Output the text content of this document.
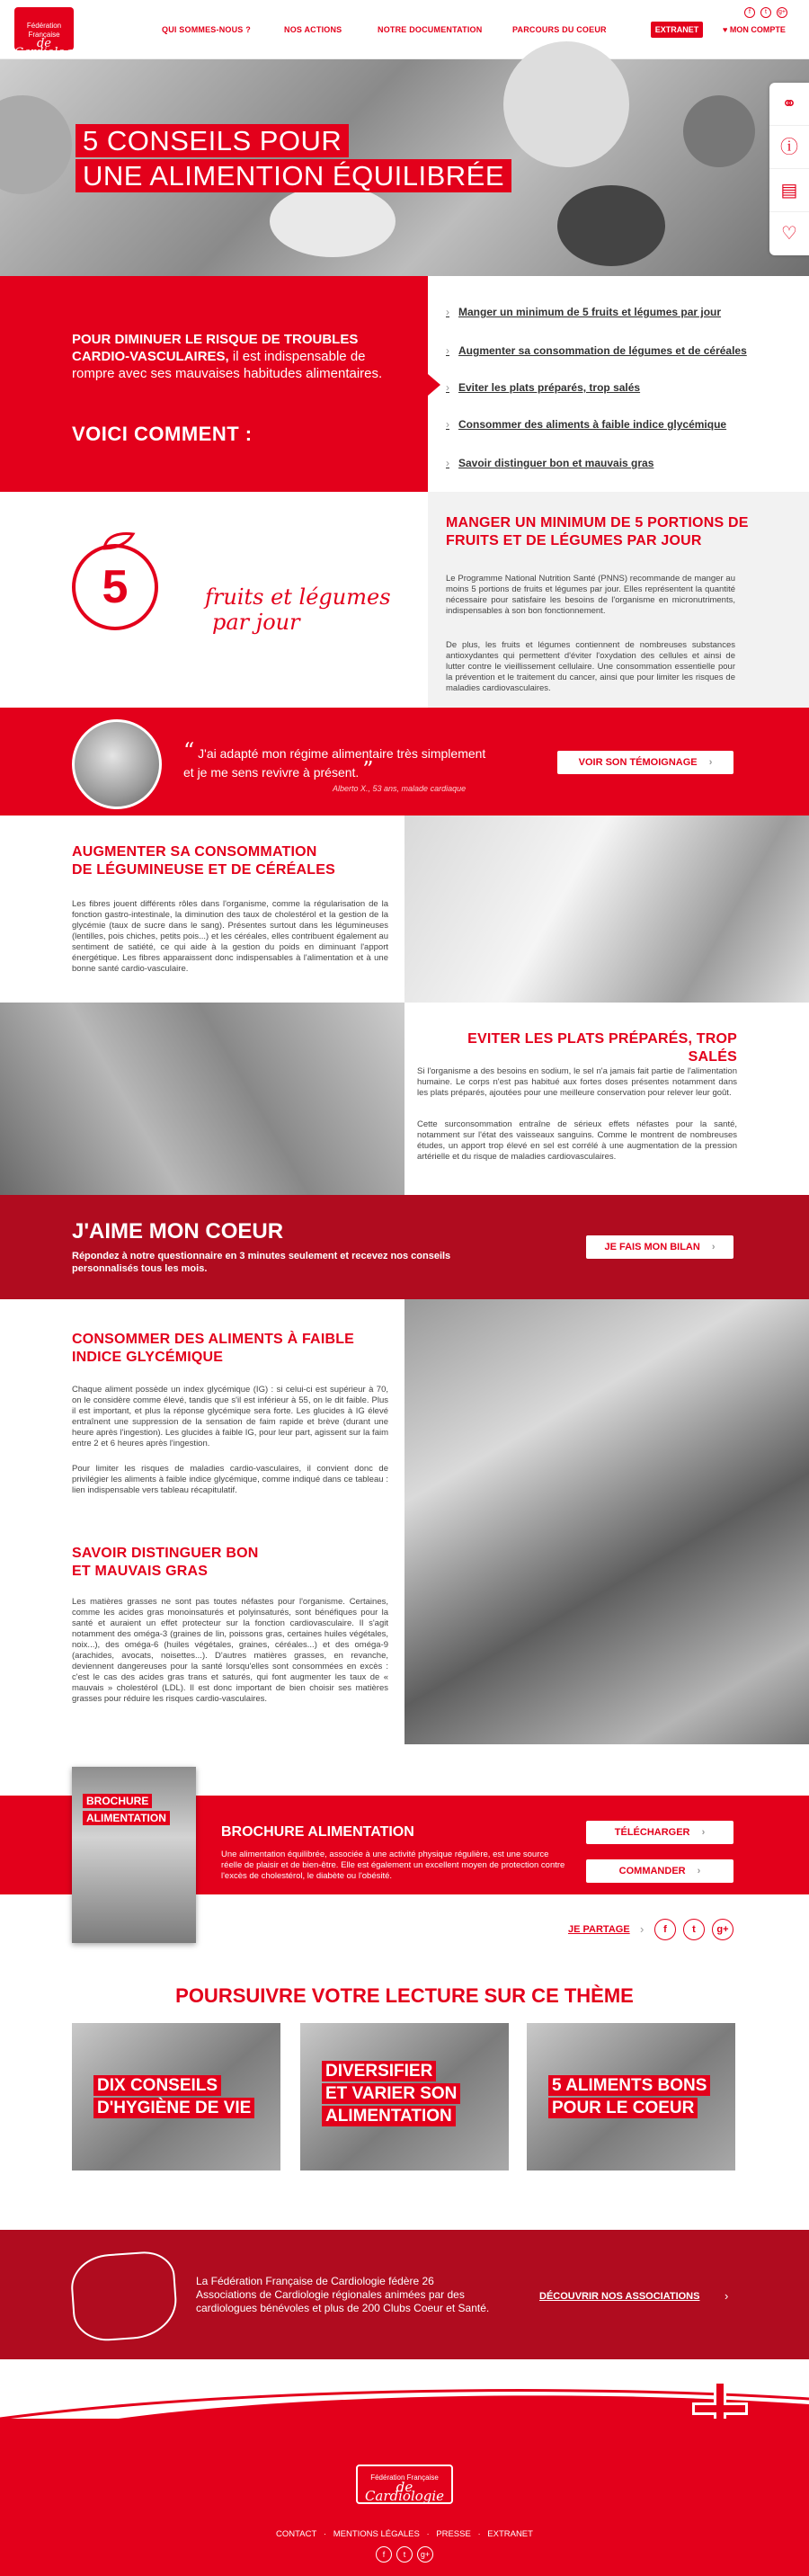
Fédération Française
de Cardiologie
QUI SOMMES-NOUS ?	NOS ACTIONS	NOTRE DOCUMENTATION	PARCOURS DU COEUR	EXTRANET	♥ MON COMPTE
f	t	g+
5 CONSEILS POUR
UNE ALIMENTION ÉQUILIBRÉE
⚭
ⓘ
▤
♡
POUR DIMINUER LE RISQUE DE TROUBLES CARDIO-VASCULAIRES, il est indispensable de rompre avec ses mauvaises habitudes alimentaires.
VOICI COMMENT :
› Manger un minimum de 5 fruits et légumes par jour
› Augmenter sa consommation de légumes et de céréales
› Eviter les plats préparés, trop salés
› Consommer des aliments à faible indice glycémique
› Savoir distinguer bon et mauvais gras
5	fruits et légumes
par jour
MANGER UN MINIMUM DE 5 PORTIONS DE
FRUITS ET DE LÉGUMES PAR JOUR

Le Programme National Nutrition Santé (PNNS) recommande de manger au moins 5 portions de fruits et légumes par jour. Elles représentent la quantité nécessaire pour satisfaire les besoins de l'organisme en micronutriments, indispensables à son bon fonctionnement.

De plus, les fruits et légumes contiennent de nombreuses substances antioxydantes qui permettent d'éviter l'oxydation des cellules et ainsi de lutter contre le vieillissement cellulaire. Une consommation essentielle pour la prévention et le traitement du cancer, ainsi que pour limiter les risques de maladies cardiovasculaires.

“ J'ai adapté mon régime alimentaire très simplement
et je me sens revivre à présent. ”
Alberto X., 53 ans, malade cardiaque
VOIR SON TÉMOIGNAGE ›
AUGMENTER SA CONSOMMATION
DE LÉGUMINEUSE ET DE CÉRÉALES

Les fibres jouent différents rôles dans l'organisme, comme la régularisation de la fonction gastro-intestinale, la diminution des taux de cholestérol et la gestion de la glycémie (taux de sucre dans le sang). Présentes surtout dans les légumineuses (lentilles, pois chiches, petits pois...) et les céréales, elles contribuent également au sentiment de satiété, ce qui aide à la gestion du poids en diminuant l'apport énergétique. Les fibres apparaissent donc indispensables à l'alimentation et à une bonne santé cardio-vasculaire.

EVITER LES PLATS PRÉPARÉS, TROP SALÉS

Si l'organisme a des besoins en sodium, le sel n'a jamais fait partie de l'alimentation humaine. Le corps n'est pas habitué aux fortes doses présentes notamment dans les plats préparés, ajoutées pour une meilleure conservation pour relever leur goût.

Cette surconsommation entraîne de sérieux effets néfastes pour la santé, notamment sur l'état des vaisseaux sanguins. Comme le montrent de nombreuses études, un apport trop élevé en sel est corrélé à une augmentation de la pression artérielle et du risque de maladies cardiovasculaires.

J'AIME MON COEUR
Répondez à notre questionnaire en 3 minutes seulement et recevez nos conseils personnalisés tous les mois.
JE FAIS MON BILAN ›
CONSOMMER DES ALIMENTS À FAIBLE
INDICE GLYCÉMIQUE

Chaque aliment possède un index glycémique (IG) : si celui-ci est supérieur à 70, on le considère comme élevé, tandis que s'il est inférieur à 55, on le dit faible. Plus il est important, et plus la réponse glycémique sera forte. Les glucides à IG élevé entraînent une suppression de la sensation de faim rapide et brève (durant une heure après l'ingestion). Les glucides à faible IG, pour leur part, agissent sur la faim entre 2 et 6 heures après l'ingestion.

Pour limiter les risques de maladies cardio-vasculaires, il convient donc de privilégier les aliments à faible indice glycémique, comme indiqué dans ce tableau : lien indispensable vers tableau récapitulatif.

SAVOIR DISTINGUER BON
ET MAUVAIS GRAS

Les matières grasses ne sont pas toutes néfastes pour l'organisme. Certaines, comme les acides gras monoinsaturés et polyinsaturés, sont bénéfiques pour la santé et auraient un effet protecteur sur la fonction cardiovasculaire. Il s'agit notamment des oméga-3 (graines de lin, poissons gras, certaines huiles végétales, noix...), des oméga-6 (huiles végétales, graines, céréales...) et des oméga-9 (arachides, avocats, noisettes...). D'autres matières grasses, en revanche, deviennent dangereuses pour la santé lorsqu'elles sont consommées en excès : c'est le cas des acides gras trans et saturés, qui font augmenter les taux de « mauvais » cholestérol (LDL). Il est donc important de bien choisir ses matières grasses pour réduire les risques cardio-vasculaires.

BROCHURE
ALIMENTATION
BROCHURE ALIMENTATION

Une alimentation équilibrée, associée à une activité physique régulière, est une source réelle de plaisir et de bien-être. Elle est également un excellent moyen de protection contre l'excès de cholestérol, le diabète ou l'obésité.

TÉLÉCHARGER ›
COMMANDER ›
JE PARTAGE ›	f	t	g+
POURSUIVRE VOTRE LECTURE SUR CE THÈME
DIX CONSEILS
D'HYGIÈNE DE VIE
DIVERSIFIER
ET VARIER SON
ALIMENTATION
5 ALIMENTS BONS
POUR LE COEUR

La Fédération Française de Cardiologie fédère 26 Associations de Cardiologie régionales animées par des cardiologues bénévoles et plus de 200 Clubs Coeur et Santé.

DÉCOUVRIR NOS ASSOCIATIONS ›
Fédération Française
de Cardiologie
CONTACT · MENTIONS LÉGALES · PRESSE · EXTRANET
f	t	g+
